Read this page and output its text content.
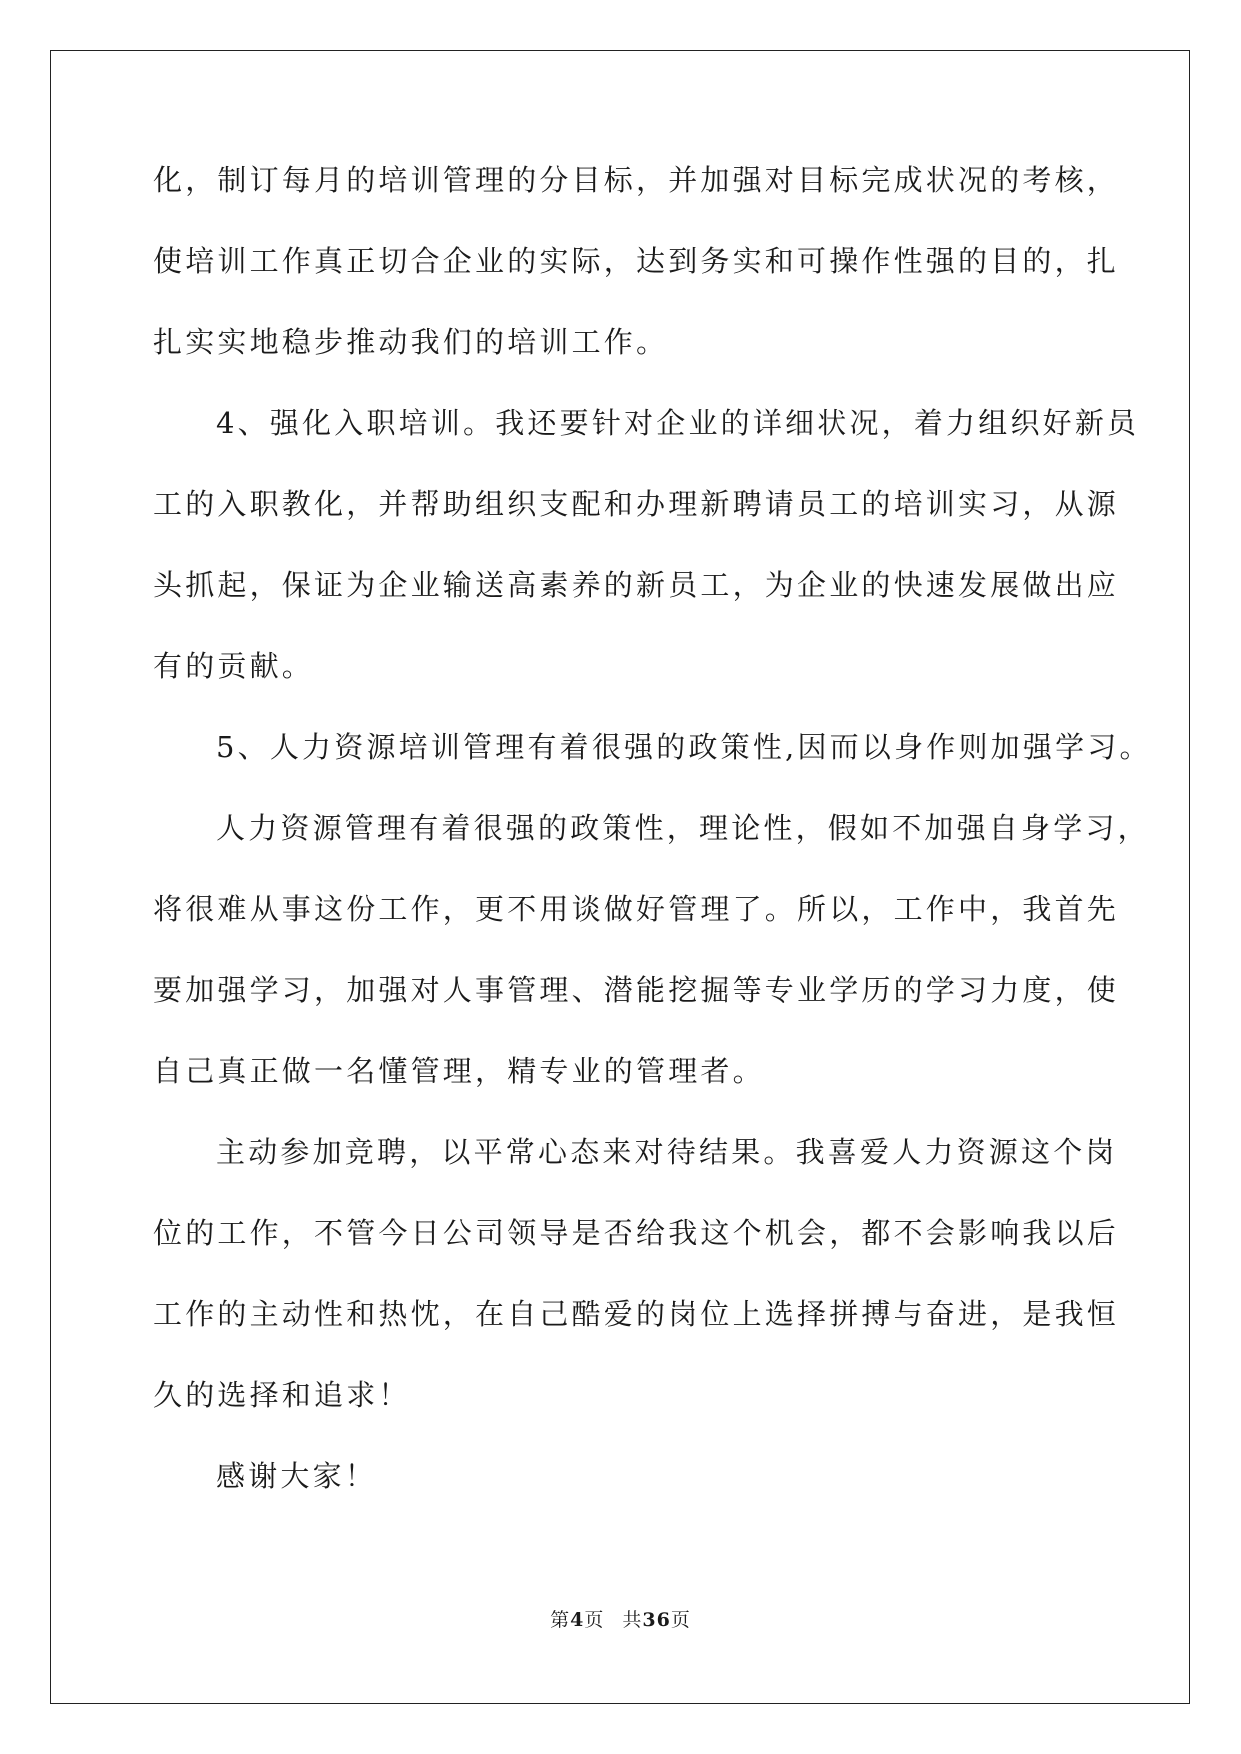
化，制订每月的培训管理的分目标，并加强对目标完成状况的考核，
使培训工作真正切合企业的实际，达到务实和可操作性强的目的，扎
扎实实地稳步推动我们的培训工作。
4、强化入职培训。我还要针对企业的详细状况，着力组织好新员
工的入职教化，并帮助组织支配和办理新聘请员工的培训实习，从源
头抓起，保证为企业输送高素养的新员工，为企业的快速发展做出应
有的贡献。
5、人力资源培训管理有着很强的政策性,因而以身作则加强学习。
人力资源管理有着很强的政策性，理论性，假如不加强自身学习，
将很难从事这份工作，更不用谈做好管理了。所以，工作中，我首先
要加强学习，加强对人事管理、潜能挖掘等专业学历的学习力度，使
自己真正做一名懂管理，精专业的管理者。
主动参加竞聘，以平常心态来对待结果。我喜爱人力资源这个岗
位的工作，不管今日公司领导是否给我这个机会，都不会影响我以后
工作的主动性和热忱，在自己酷爱的岗位上选择拼搏与奋进，是我恒
久的选择和追求！
感谢大家！
第4页 共36页
